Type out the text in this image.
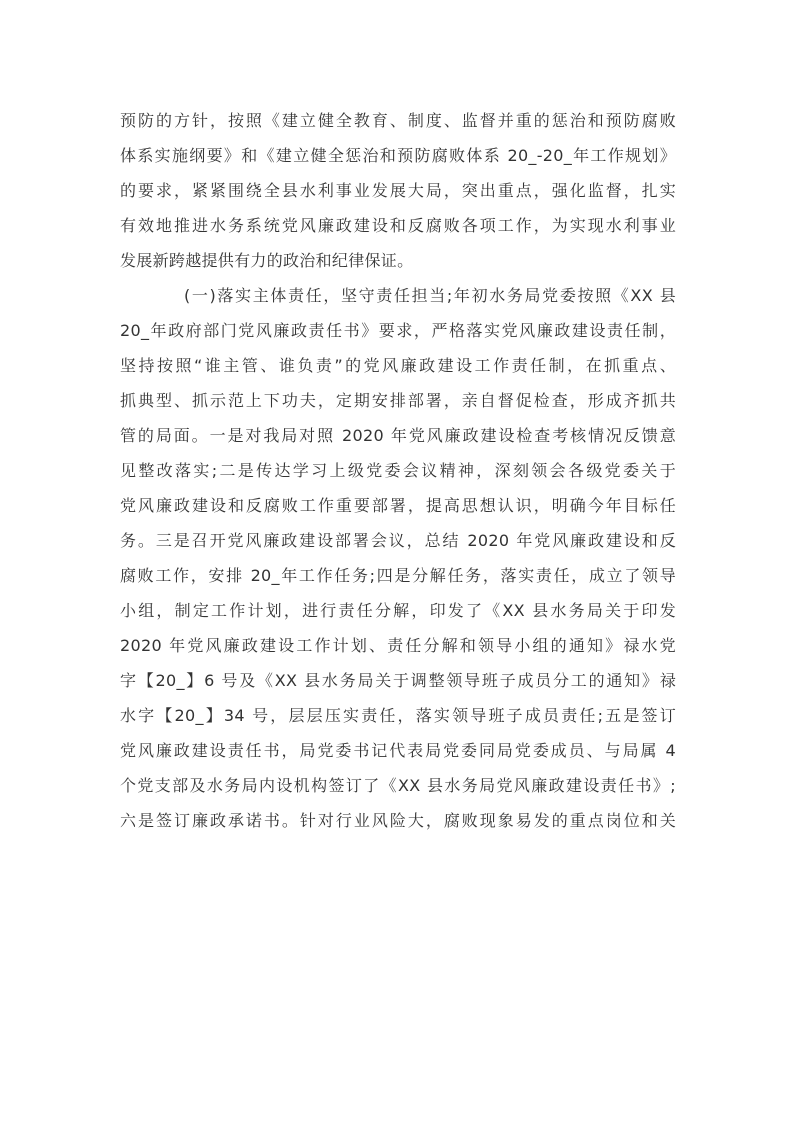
预防的方针，按照《建立健全教育、制度、监督并重的惩治和预防腐败
体系实施纲要》和《建立健全惩治和预防腐败体系 20_-20_年工作规划》
的要求，紧紧围绕全县水利事业发展大局，突出重点，强化监督，扎实
有效地推进水务系统党风廉政建设和反腐败各项工作，为实现水利事业
发展新跨越提供有力的政治和纪律保证。
(一)落实主体责任，坚守责任担当;年初水务局党委按照《XX 县
20_年政府部门党风廉政责任书》要求，严格落实党风廉政建设责任制，
坚持按照“谁主管、谁负责”的党风廉政建设工作责任制，在抓重点、
抓典型、抓示范上下功夫，定期安排部署，亲自督促检查，形成齐抓共
管的局面。一是对我局对照 2020 年党风廉政建设检查考核情况反馈意
见整改落实;二是传达学习上级党委会议精神，深刻领会各级党委关于
党风廉政建设和反腐败工作重要部署，提高思想认识，明确今年目标任
务。三是召开党风廉政建设部署会议，总结 2020 年党风廉政建设和反
腐败工作，安排 20_年工作任务;四是分解任务，落实责任，成立了领导
小组，制定工作计划，进行责任分解，印发了《XX 县水务局关于印发
2020 年党风廉政建设工作计划、责任分解和领导小组的通知》禄水党
字【20_】6 号及《XX 县水务局关于调整领导班子成员分工的通知》禄
水字【20_】34 号，层层压实责任，落实领导班子成员责任;五是签订
党风廉政建设责任书，局党委书记代表局党委同局党委成员、与局属 4
个党支部及水务局内设机构签订了《XX 县水务局党风廉政建设责任书》;
六是签订廉政承诺书。针对行业风险大，腐败现象易发的重点岗位和关
